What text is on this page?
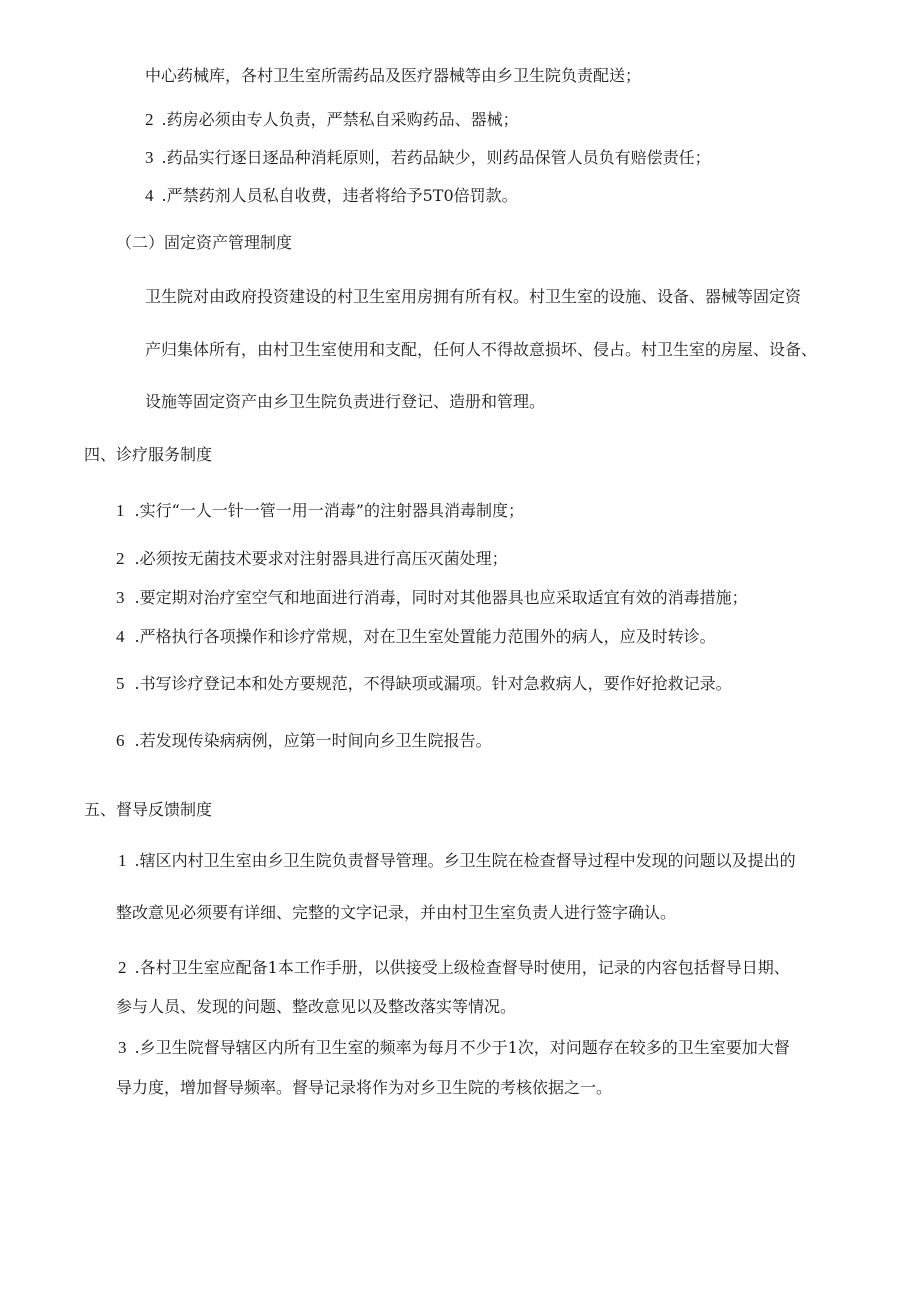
中心药械库，各村卫生室所需药品及医疗器械等由乡卫生院负责配送；

2 .药房必须由专人负责，严禁私自采购药品、器械；

3 .药品实行逐日逐品种消耗原则，若药品缺少，则药品保管人员负有赔偿责任；

4 .严禁药剂人员私自收费，违者将给予5T0倍罚款。

（二）固定资产管理制度

卫生院对由政府投资建设的村卫生室用房拥有所有权。村卫生室的设施、设备、器械等固定资

产归集体所有，由村卫生室使用和支配，任何人不得故意损坏、侵占。村卫生室的房屋、设备、

设施等固定资产由乡卫生院负责进行登记、造册和管理。

四、诊疗服务制度

1 .实行“一人一针一管一用一消毒”的注射器具消毒制度；

2 .必须按无菌技术要求对注射器具进行高压灭菌处理；

3 .要定期对治疗室空气和地面进行消毒，同时对其他器具也应采取适宜有效的消毒措施；

4 .严格执行各项操作和诊疗常规，对在卫生室处置能力范围外的病人，应及时转诊。

5 .书写诊疗登记本和处方要规范，不得缺项或漏项。针对急救病人，要作好抢救记录。

6 .若发现传染病病例，应第一时间向乡卫生院报告。

五、督导反馈制度

1 .辖区内村卫生室由乡卫生院负责督导管理。乡卫生院在检查督导过程中发现的问题以及提出的

整改意见必须要有详细、完整的文字记录，并由村卫生室负责人进行签字确认。

2 .各村卫生室应配备1本工作手册，以供接受上级检查督导时使用，记录的内容包括督导日期、

参与人员、发现的问题、整改意见以及整改落实等情况。

3 .乡卫生院督导辖区内所有卫生室的频率为每月不少于1次，对问题存在较多的卫生室要加大督

导力度，增加督导频率。督导记录将作为对乡卫生院的考核依据之一。
